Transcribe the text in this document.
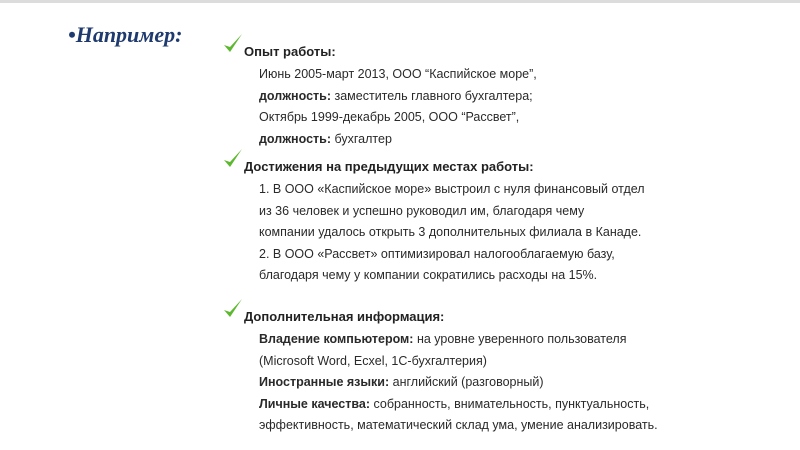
•Например:
Опыт работы:
Июнь 2005-март 2013, ООО “Каспийское море”,
должность: заместитель главного бухгалтера;
Октябрь 1999-декабрь 2005, ООО “Рассвет”,
должность: бухгалтер
Достижения на предыдущих местах работы:
1. В ООО «Каспийское море» выстроил с нуля финансовый отдел
из 36 человек и успешно руководил им, благодаря чему
компании удалось открыть 3 дополнительных филиала в Канаде.
2. В ООО «Рассвет» оптимизировал налогооблагаемую базу,
благодаря чему у компании сократились расходы на 15%.
Дополнительная информация:
Владение компьютером: на уровне уверенного пользователя
(Microsoft Word, Ecxel, 1С-бухгалтерия)
Иностранные языки: английский (разговорный)
Личные качества: собранность, внимательность, пунктуальность,
эффективность, математический склад ума, умение анализировать.
